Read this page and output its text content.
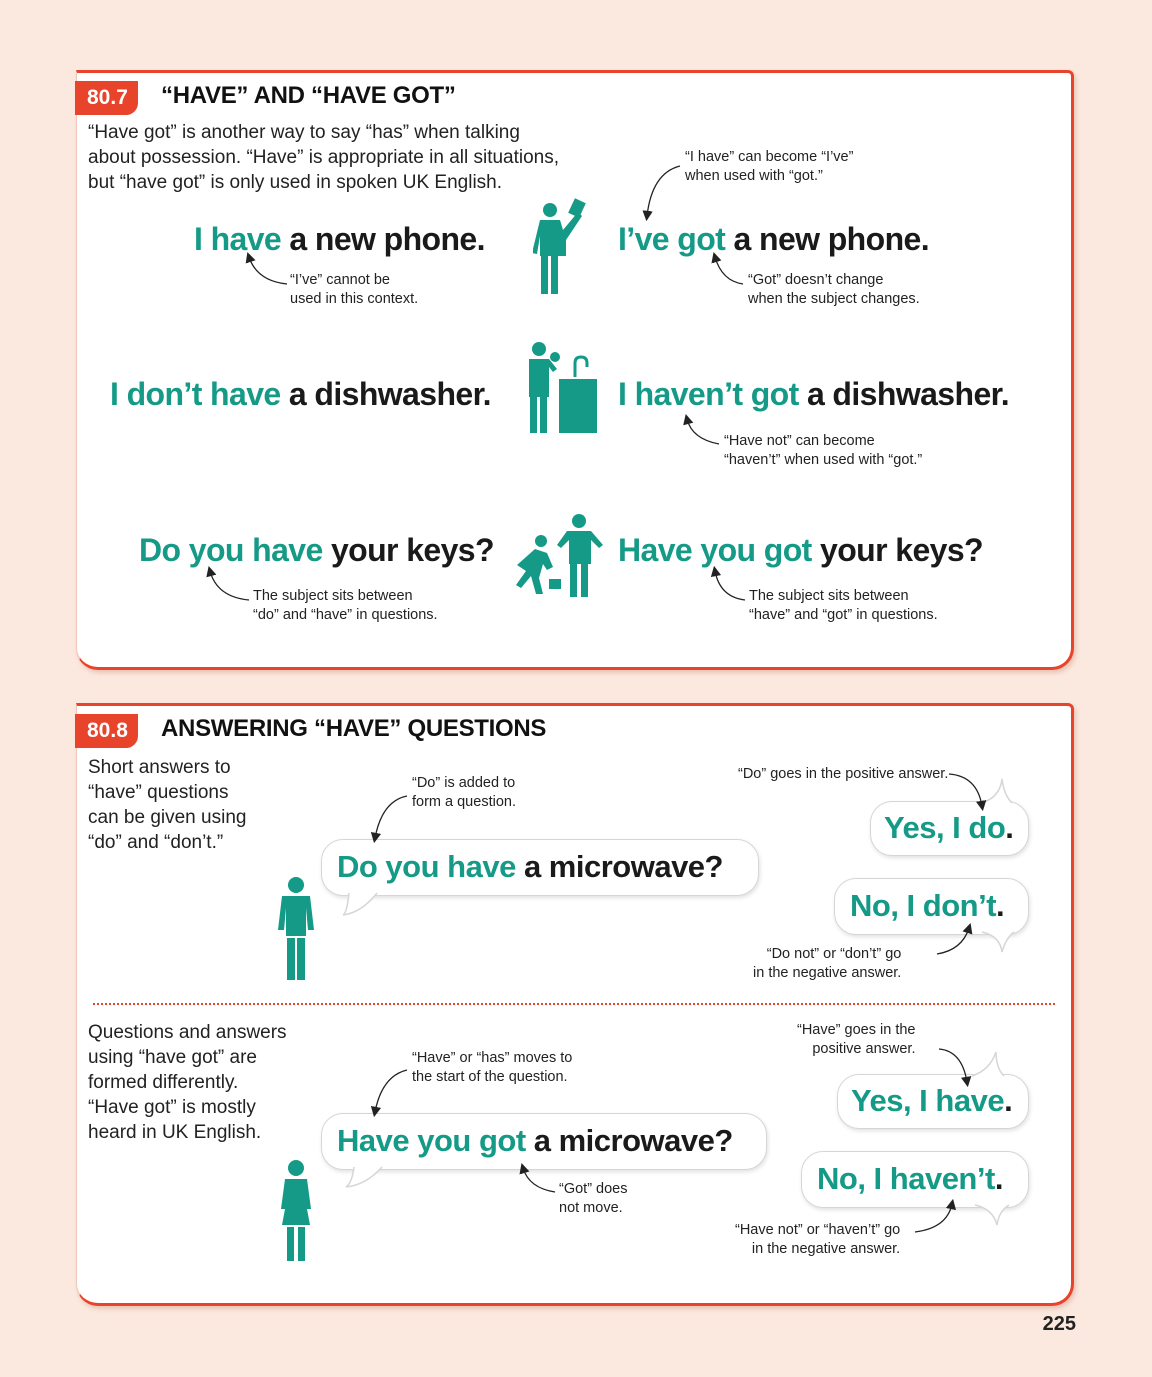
80.7	“HAVE” AND “HAVE GOT”
“Have got” is another way to say “has” when talking
about possession. “Have” is appropriate in all situations,
but “have got” is only used in spoken UK English.
I have a new phone.	I’ve got a new phone.
“I’ve” cannot be
used in this context.
“I have” can become “I’ve”
when used with “got.”
“Got” doesn’t change
when the subject changes.
I don’t have a dishwasher.	I haven’t got a dishwasher.
“Have not” can become
“haven’t” when used with “got.”
Do you have your keys?	Have you got your keys?
The subject sits between
“do” and “have” in questions.
The subject sits between
“have” and “got” in questions.
80.8	ANSWERING “HAVE” QUESTIONS
Short answers to
“have” questions
can be given using
“do” and “don’t.”
“Do” is added to
form a question.
“Do” goes in the positive answer.
“Do not” or “don’t” go
in the negative answer.
Do you have a microwave?
Yes, I do.
No, I don’t.
Questions and answers
using “have got” are
formed differently.
“Have got” is mostly
heard in UK English.
“Have” or “has” moves to
the start of the question.
“Got” does
not move.
“Have” goes in the
positive answer.
“Have not” or “haven’t” go
in the negative answer.
Have you got a microwave?
Yes, I have.
No, I haven’t.
225
